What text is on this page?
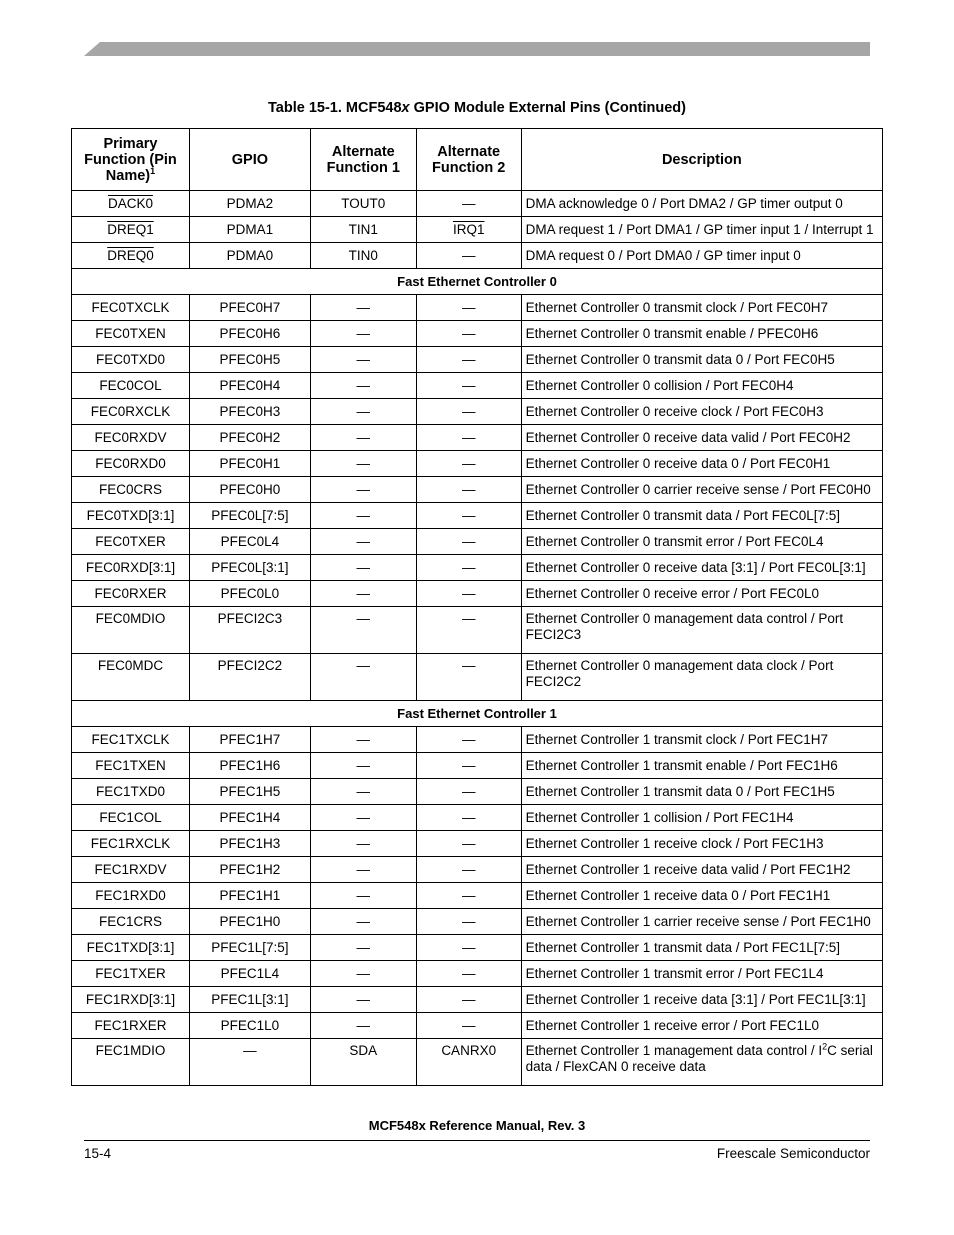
Table 15-1. MCF548x GPIO Module External Pins (Continued)
Primary Function (Pin Name)$^1$	GPIO	Alternate Function 1	Alternate Function 2	Description
DACK0	PDMA2	TOUT0	—	DMA acknowledge 0 / Port DMA2 / GP timer output 0
DREQ1	PDMA1	TIN1	IRQ1	DMA request 1 / Port DMA1 / GP timer input 1 / Interrupt 1
DREQ0	PDMA0	TIN0	—	DMA request 0 / Port DMA0 / GP timer input 0
Fast Ethernet Controller 0				
FEC0TXCLK	PFEC0H7	—	—	Ethernet Controller 0 transmit clock / Port FEC0H7
FEC0TXEN	PFEC0H6	—	—	Ethernet Controller 0 transmit enable / PFEC0H6
FEC0TXD0	PFEC0H5	—	—	Ethernet Controller 0 transmit data 0 / Port FEC0H5
FEC0COL	PFEC0H4	—	—	Ethernet Controller 0 collision / Port FEC0H4
FEC0RXCLK	PFEC0H3	—	—	Ethernet Controller 0 receive clock / Port FEC0H3
FEC0RXDV	PFEC0H2	—	—	Ethernet Controller 0 receive data valid / Port FEC0H2
FEC0RXD0	PFEC0H1	—	—	Ethernet Controller 0 receive data 0 / Port FEC0H1
FEC0CRS	PFEC0H0	—	—	Ethernet Controller 0 carrier receive sense / Port FEC0H0
FEC0TXD[3:1]	PFEC0L[7:5]	—	—	Ethernet Controller 0 transmit data / Port FEC0L[7:5]
FEC0TXER	PFEC0L4	—	—	Ethernet Controller 0 transmit error / Port FEC0L4
FEC0RXD[3:1]	PFEC0L[3:1]	—	—	Ethernet Controller 0 receive data [3:1] / Port FEC0L[3:1]
FEC0RXER	PFEC0L0	—	—	Ethernet Controller 0 receive error / Port FEC0L0
FEC0MDIO	PFECI2C3	—	—	Ethernet Controller 0 management data control / Port FECI2C3
FEC0MDC	PFECI2C2	—	—	Ethernet Controller 0 management data clock / Port FECI2C2
Fast Ethernet Controller 1				
FEC1TXCLK	PFEC1H7	—	—	Ethernet Controller 1 transmit clock / Port FEC1H7
FEC1TXEN	PFEC1H6	—	—	Ethernet Controller 1 transmit enable / Port FEC1H6
FEC1TXD0	PFEC1H5	—	—	Ethernet Controller 1 transmit data 0 / Port FEC1H5
FEC1COL	PFEC1H4	—	—	Ethernet Controller 1 collision / Port FEC1H4
FEC1RXCLK	PFEC1H3	—	—	Ethernet Controller 1 receive clock / Port FEC1H3
FEC1RXDV	PFEC1H2	—	—	Ethernet Controller 1 receive data valid / Port FEC1H2
FEC1RXD0	PFEC1H1	—	—	Ethernet Controller 1 receive data 0 / Port FEC1H1
FEC1CRS	PFEC1H0	—	—	Ethernet Controller 1 carrier receive sense / Port FEC1H0
FEC1TXD[3:1]	PFEC1L[7:5]	—	—	Ethernet Controller 1 transmit data / Port FEC1L[7:5]
FEC1TXER	PFEC1L4	—	—	Ethernet Controller 1 transmit error / Port FEC1L4
FEC1RXD[3:1]	PFEC1L[3:1]	—	—	Ethernet Controller 1 receive data [3:1] / Port FEC1L[3:1]
FEC1RXER	PFEC1L0	—	—	Ethernet Controller 1 receive error / Port FEC1L0
FEC1MDIO	—	SDA	CANRX0	Ethernet Controller 1 management data control / $I^2C$ serial data / FlexCAN 0 receive data
MCF548x Reference Manual, Rev. 3
15-4	Freescale Semiconductor
